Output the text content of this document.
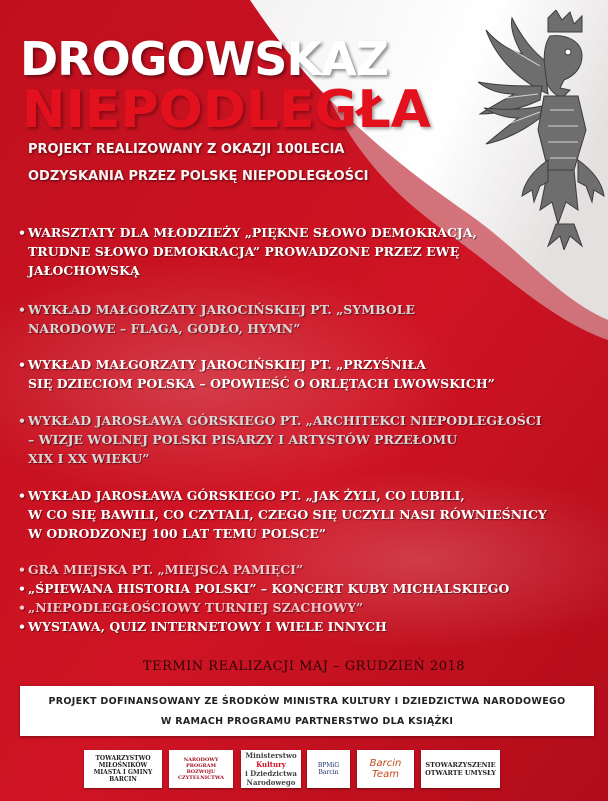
DROGOWSKAZ
NIEPODLEGŁA
PROJEKT REALIZOWANY Z OKAZJI 100LECIA
ODZYSKANIA PRZEZ POLSKĘ NIEPODLEGŁOŚCI
• WARSZTATY DLA MŁODZIEŻY „PIĘKNE SŁOWO DEMOKRACJA,
TRUDNE SŁOWO DEMOKRACJA” PROWADZONE PRZEZ EWĘ
JAŁOCHOWSKĄ
• WYKŁAD MAŁGORZATY JAROCIŃSKIEJ PT. „SYMBOLE
NARODOWE – FLAGA, GODŁO, HYMN”
• WYKŁAD MAŁGORZATY JAROCIŃSKIEJ PT. „PRZYŚNIŁA
SIĘ DZIECIOM POLSKA – OPOWIEŚĆ O ORLĘTACH LWOWSKICH”
• WYKŁAD JAROSŁAWA GÓRSKIEGO PT. „ARCHITEKCI NIEPODLEGŁOŚCI
– WIZJE WOLNEJ POLSKI PISARZY I ARTYSTÓW PRZEŁOMU
XIX I XX WIEKU”
• WYKŁAD JAROSŁAWA GÓRSKIEGO PT. „JAK ŻYLI, CO LUBILI,
W CO SIĘ BAWILI, CO CZYTALI, CZEGO SIĘ UCZYLI NASI RÓWNIEŚNICY
W ODRODZONEJ 100 LAT TEMU POLSCE”
• GRA MIEJSKA PT. „MIEJSCA PAMIĘCI”
• „ŚPIEWANA HISTORIA POLSKI” – KONCERT KUBY MICHALSKIEGO
• „NIEPODLEGŁOŚCIOWY TURNIEJ SZACHOWY”
• WYSTAWA, QUIZ INTERNETOWY I WIELE INNYCH
TERMIN REALIZACJI MAJ – GRUDZIEŃ 2018
PROJEKT DOFINANSOWANY ZE ŚRODKÓW MINISTRA KULTURY I DZIEDZICTWA NARODOWEGO
W RAMACH PROGRAMU PARTNERSTWO DLA KSIĄŻKI
TOWARZYSTWO
MIŁOŚNIKÓW
MIASTA I GMINY BARCIN
NARODOWY
PROGRAM
ROZWOJU
CZYTELNICTWA
Ministerstwo
Kultury
i Dziedzictwa
Narodowego
BPMiG
Barcin
Barcin
Team
STOWARZYSZENIE
OTWARTE UMYSŁY
